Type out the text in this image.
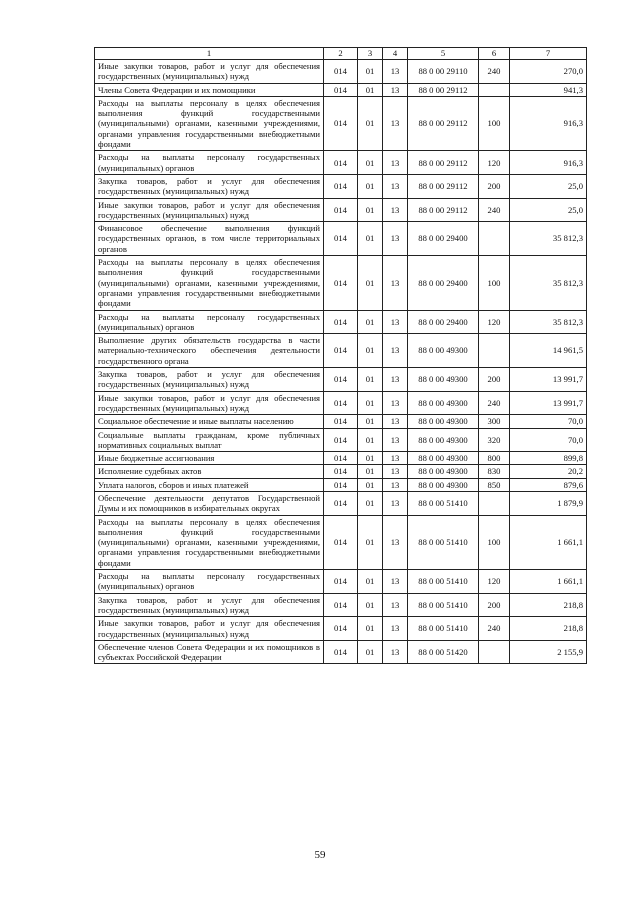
1	2	3	4	5	6	7
Иные закупки товаров, работ и услуг для обеспечения государственных (муниципальных) нужд	014	01	13	88 0 00 29110	240	270,0
Члены Совета Федерации и их помощники	014	01	13	88 0 00 29112		941,3
Расходы на выплаты персоналу в целях обеспечения выполнения функций государственными (муниципальными) органами, казенными учреждениями, органами управления государственными внебюджетными фондами	014	01	13	88 0 00 29112	100	916,3
Расходы на выплаты персоналу государственных (муниципальных) органов	014	01	13	88 0 00 29112	120	916,3
Закупка товаров, работ и услуг для обеспечения государственных (муниципальных) нужд	014	01	13	88 0 00 29112	200	25,0
Иные закупки товаров, работ и услуг для обеспечения государственных (муниципальных) нужд	014	01	13	88 0 00 29112	240	25,0
Финансовое обеспечение выполнения функций государственных органов, в том числе территориальных органов	014	01	13	88 0 00 29400		35 812,3
Расходы на выплаты персоналу в целях обеспечения выполнения функций государственными (муниципальными) органами, казенными учреждениями, органами управления государственными внебюджетными фондами	014	01	13	88 0 00 29400	100	35 812,3
Расходы на выплаты персоналу государственных (муниципальных) органов	014	01	13	88 0 00 29400	120	35 812,3
Выполнение других обязательств государства в части материально-технического обеспечения деятельности государственного органа	014	01	13	88 0 00 49300		14 961,5
Закупка товаров, работ и услуг для обеспечения государственных (муниципальных) нужд	014	01	13	88 0 00 49300	200	13 991,7
Иные закупки товаров, работ и услуг для обеспечения государственных (муниципальных) нужд	014	01	13	88 0 00 49300	240	13 991,7
Социальное обеспечение и иные выплаты населению	014	01	13	88 0 00 49300	300	70,0
Социальные выплаты гражданам, кроме публичных нормативных социальных выплат	014	01	13	88 0 00 49300	320	70,0
Иные бюджетные ассигнования	014	01	13	88 0 00 49300	800	899,8
Исполнение судебных актов	014	01	13	88 0 00 49300	830	20,2
Уплата налогов, сборов и иных платежей	014	01	13	88 0 00 49300	850	879,6
Обеспечение деятельности депутатов Государственной Думы и их помощников в избирательных округах	014	01	13	88 0 00 51410		1 879,9
Расходы на выплаты персоналу в целях обеспечения выполнения функций государственными (муниципальными) органами, казенными учреждениями, органами управления государственными внебюджетными фондами	014	01	13	88 0 00 51410	100	1 661,1
Расходы на выплаты персоналу государственных (муниципальных) органов	014	01	13	88 0 00 51410	120	1 661,1
Закупка товаров, работ и услуг для обеспечения государственных (муниципальных) нужд	014	01	13	88 0 00 51410	200	218,8
Иные закупки товаров, работ и услуг для обеспечения государственных (муниципальных) нужд	014	01	13	88 0 00 51410	240	218,8
Обеспечение членов Совета Федерации и их помощников в субъектах Российской Федерации	014	01	13	88 0 00 51420		2 155,9
59
